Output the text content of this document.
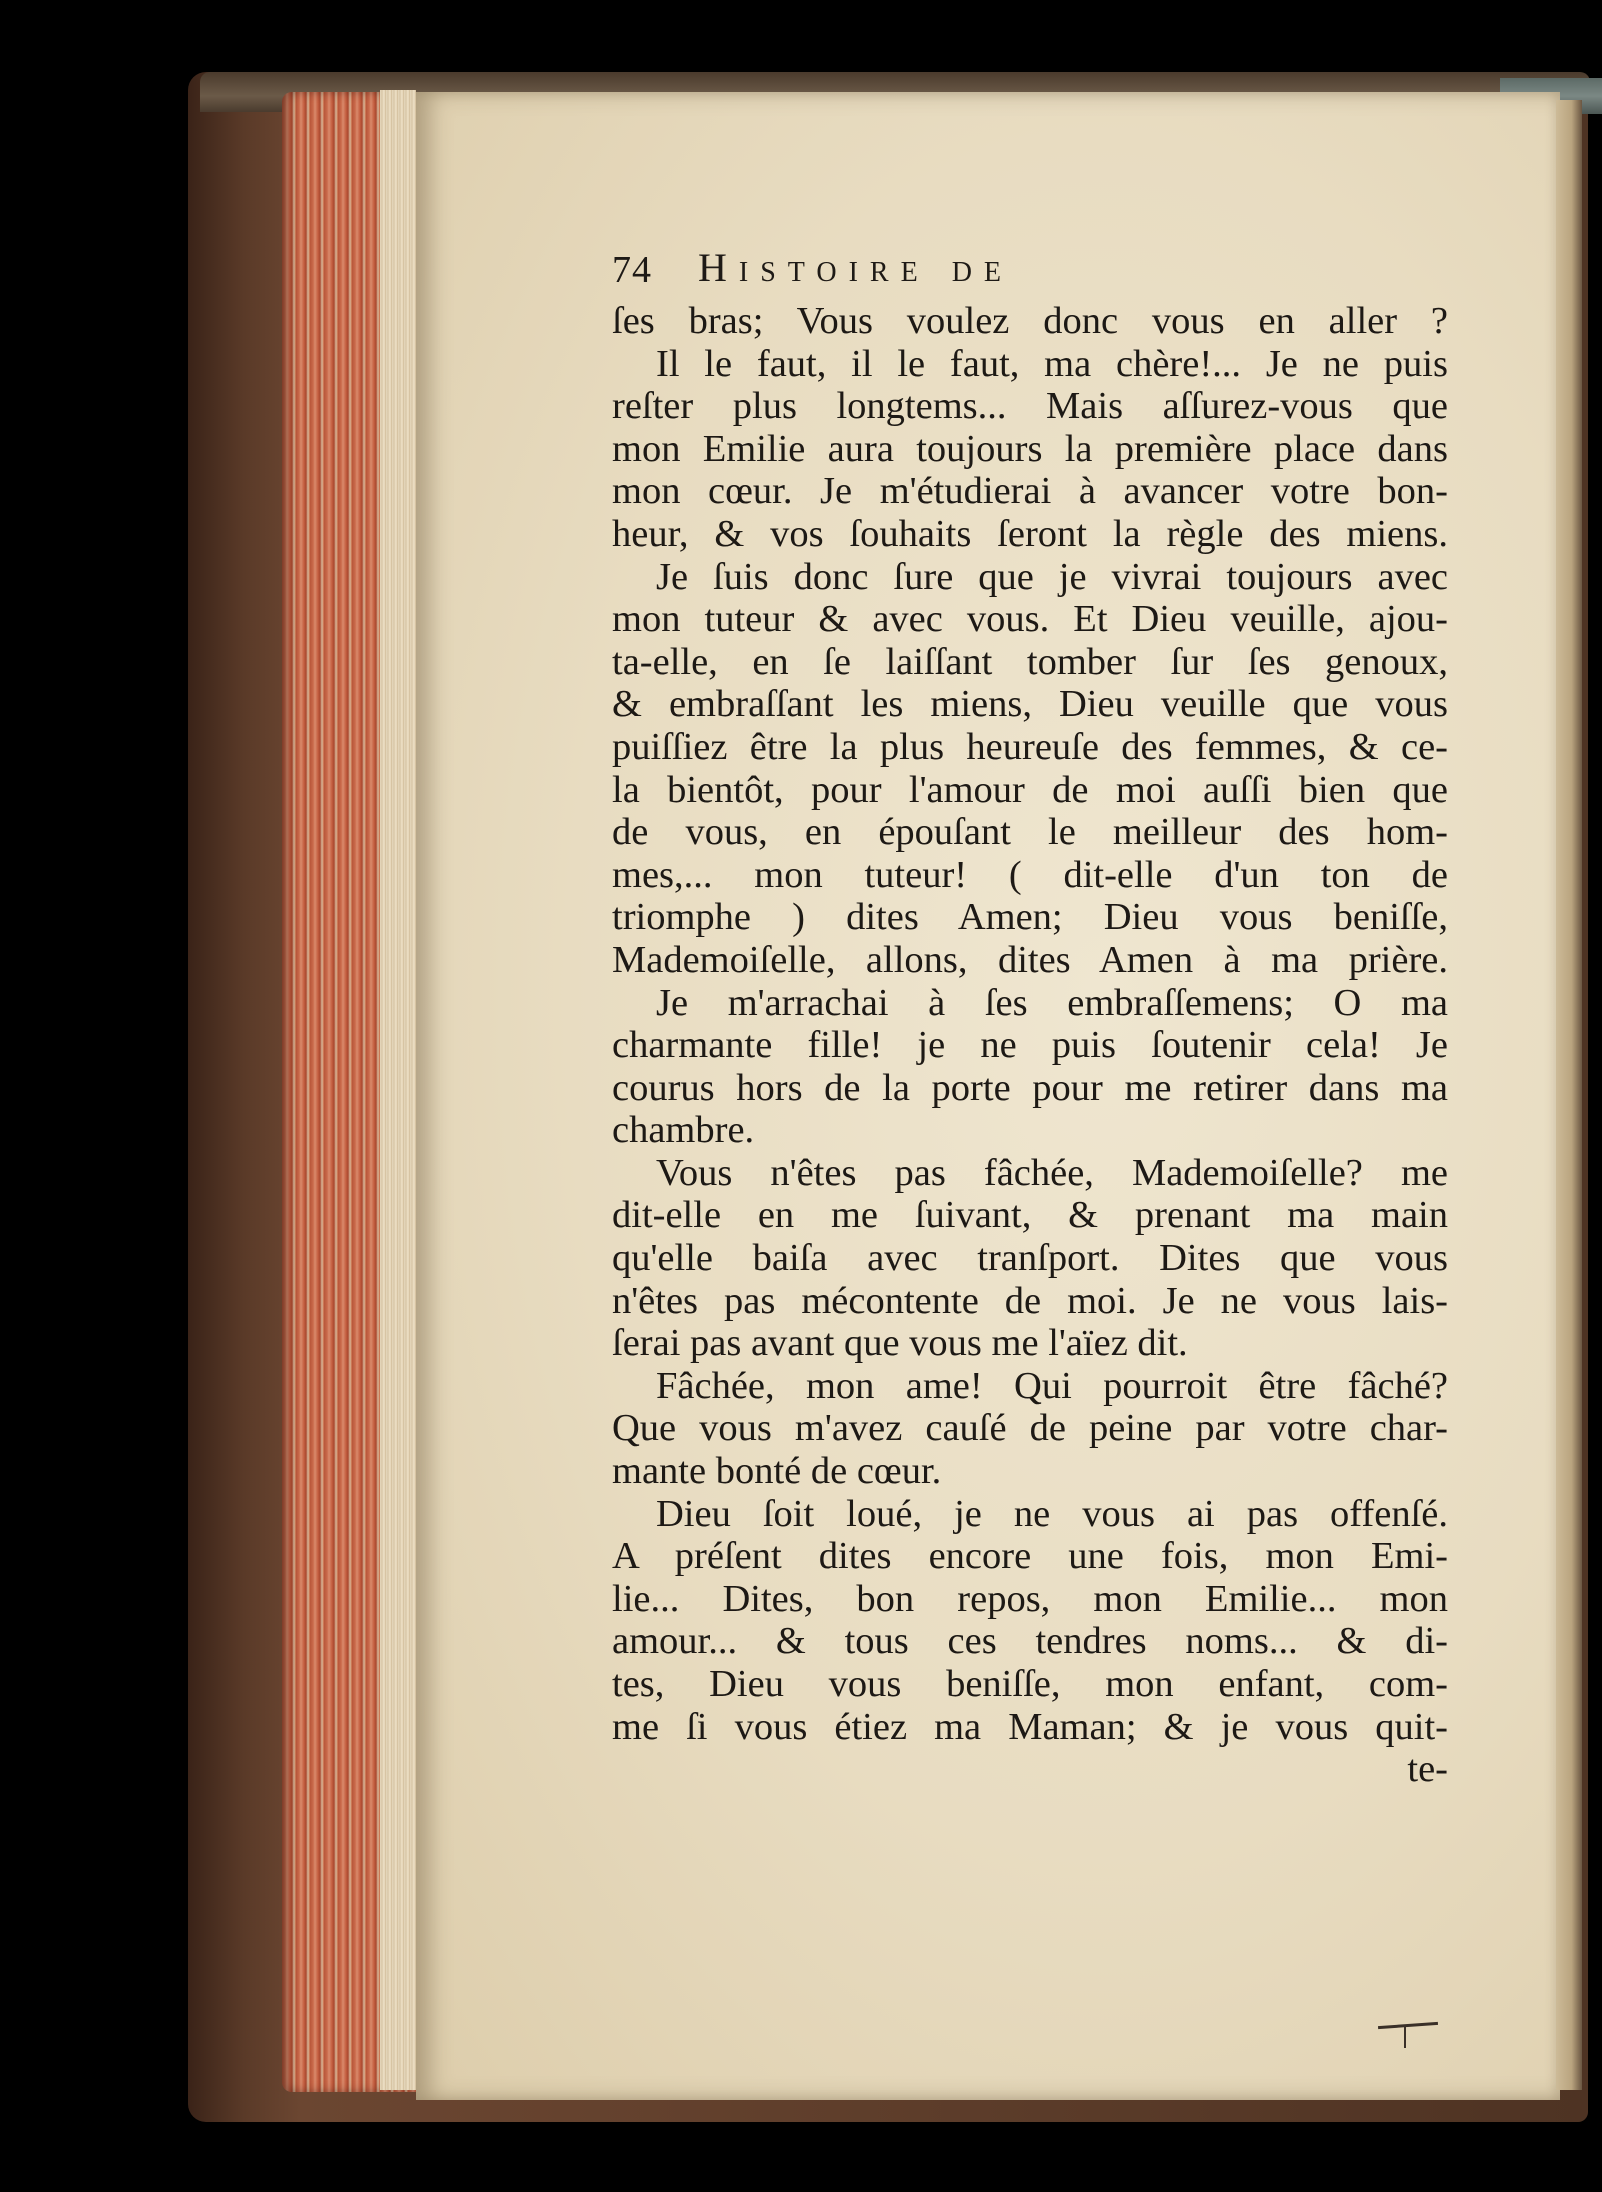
74 Histoire de
ſes bras; Vous voulez donc vous en aller ?
Il le faut, il le faut, ma chère!... Je ne puis
reſter plus longtems... Mais aſſurez-vous que
mon Emilie aura toujours la première place dans
mon cœur. Je m'étudierai à avancer votre bon-
heur, & vos ſouhaits ſeront la règle des miens.
Je ſuis donc ſure que je vivrai toujours avec
mon tuteur & avec vous. Et Dieu veuille, ajou-
ta-elle, en ſe laiſſant tomber ſur ſes genoux,
& embraſſant les miens, Dieu veuille que vous
puiſſiez être la plus heureuſe des femmes, & ce-
la bientôt, pour l'amour de moi auſſi bien que
de vous, en épouſant le meilleur des hom-
mes,... mon tuteur! ( dit-elle d'un ton de
triomphe ) dites Amen; Dieu vous beniſſe,
Mademoiſelle, allons, dites Amen à ma prière.
Je m'arrachai à ſes embraſſemens; O ma
charmante fille! je ne puis ſoutenir cela! Je
courus hors de la porte pour me retirer dans ma
chambre.
Vous n'êtes pas fâchée, Mademoiſelle? me
dit-elle en me ſuivant, & prenant ma main
qu'elle baiſa avec tranſport. Dites que vous
n'êtes pas mécontente de moi. Je ne vous lais-
ſerai pas avant que vous me l'aïez dit.
Fâchée, mon ame! Qui pourroit être fâché?
Que vous m'avez cauſé de peine par votre char-
mante bonté de cœur.
Dieu ſoit loué, je ne vous ai pas offenſé.
A préſent dites encore une fois, mon Emi-
lie... Dites, bon repos, mon Emilie... mon
amour... & tous ces tendres noms... & di-
tes, Dieu vous beniſſe, mon enfant, com-
me ſi vous étiez ma Maman; & je vous quit-
te-
